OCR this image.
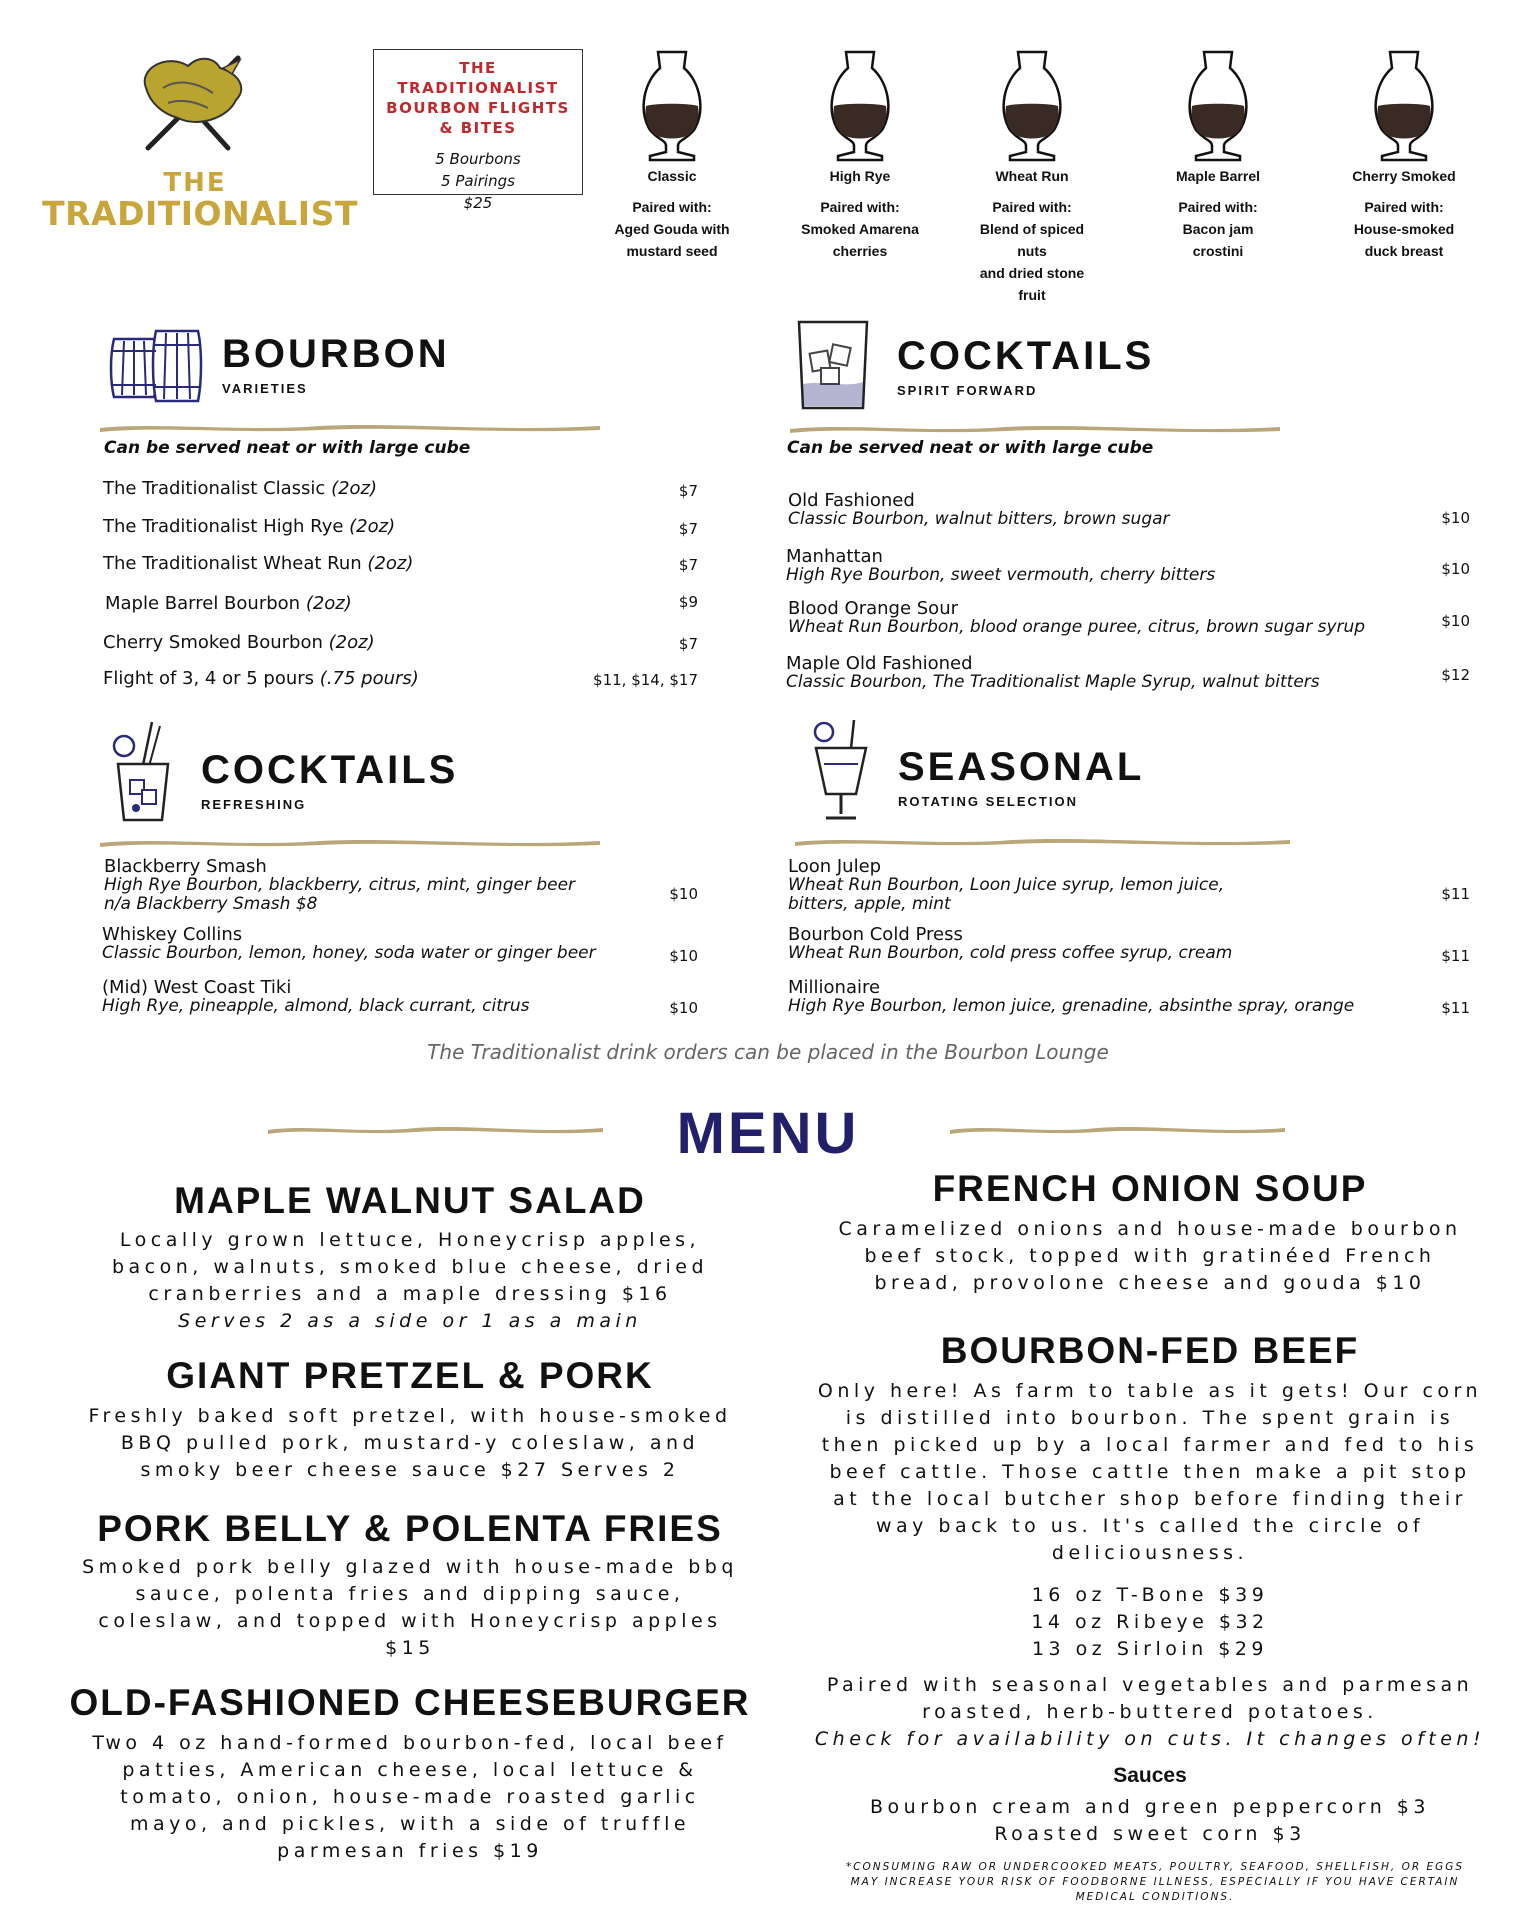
THE
TRADITIONALIST
THE TRADITIONALIST BOURBON FLIGHTS & BITES
5 Bourbons
5 Pairings
$25
Classic
Paired with:
Aged Gouda with
mustard seed
High Rye
Paired with:
Smoked Amarena
cherries
Wheat Run
Paired with:
Blend of spiced nuts
and dried stone fruit
Maple Barrel
Paired with:
Bacon jam crostini
Cherry Smoked
Paired with:
House-smoked
duck breast
BOURBON
VARIETIES
Can be served neat or with large cube
The Traditionalist Classic (2oz)	$7
The Traditionalist High Rye (2oz)	$7
The Traditionalist Wheat Run (2oz)	$7
Maple Barrel Bourbon (2oz)	$9
Cherry Smoked Bourbon (2oz)	$7
Flight of 3, 4 or 5 pours (.75 pours)	$11, $14, $17
COCKTAILS
SPIRIT FORWARD
Can be served neat or with large cube
Old Fashioned
Classic Bourbon, walnut bitters, brown sugar	$10
Manhattan
High Rye Bourbon, sweet vermouth, cherry bitters	$10
Blood Orange Sour
Wheat Run Bourbon, blood orange puree, citrus, brown sugar syrup	$10
Maple Old Fashioned
Classic Bourbon, The Traditionalist Maple Syrup, walnut bitters	$12
COCKTAILS
REFRESHING
Blackberry Smash
High Rye Bourbon, blackberry, citrus, mint, ginger beer
n/a Blackberry Smash $8	$10
Whiskey Collins
Classic Bourbon, lemon, honey, soda water or ginger beer	$10
(Mid) West Coast Tiki
High Rye, pineapple, almond, black currant, citrus	$10
SEASONAL
ROTATING SELECTION
Loon Julep
Wheat Run Bourbon, Loon Juice syrup, lemon juice,
bitters, apple, mint	$11
Bourbon Cold Press
Wheat Run Bourbon, cold press coffee syrup, cream	$11
Millionaire
High Rye Bourbon, lemon juice, grenadine, absinthe spray, orange	$11
The Traditionalist drink orders can be placed in the Bourbon Lounge
MENU
MAPLE WALNUT SALAD
Locally grown lettuce, Honeycrisp apples,
bacon, walnuts, smoked blue cheese, dried
cranberries and a maple dressing $16
Serves 2 as a side or 1 as a main
GIANT PRETZEL & PORK
Freshly baked soft pretzel, with house-smoked
BBQ pulled pork, mustard-y coleslaw, and
smoky beer cheese sauce $27 Serves 2
PORK BELLY & POLENTA FRIES
Smoked pork belly glazed with house-made bbq
sauce, polenta fries and dipping sauce,
coleslaw, and topped with Honeycrisp apples
$15
OLD-FASHIONED CHEESEBURGER
Two 4 oz hand-formed bourbon-fed, local beef
patties, American cheese, local lettuce &
tomato, onion, house-made roasted garlic
mayo, and pickles, with a side of truffle
parmesan fries $19
FRENCH ONION SOUP
Caramelized onions and house-made bourbon
beef stock, topped with gratinéed French
bread, provolone cheese and gouda $10
BOURBON-FED BEEF
Only here! As farm to table as it gets! Our corn
is distilled into bourbon. The spent grain is
then picked up by a local farmer and fed to his
beef cattle. Those cattle then make a pit stop
at the local butcher shop before finding their
way back to us. It's called the circle of
deliciousness.
16 oz T-Bone $39
14 oz Ribeye $32
13 oz Sirloin $29
Paired with seasonal vegetables and parmesan
roasted, herb-buttered potatoes.
Check for availability on cuts. It changes often!
Sauces
Bourbon cream and green peppercorn $3
Roasted sweet corn $3
*CONSUMING RAW OR UNDERCOOKED MEATS, POULTRY, SEAFOOD, SHELLFISH, OR EGGS MAY INCREASE YOUR RISK OF FOODBORNE ILLNESS, ESPECIALLY IF YOU HAVE CERTAIN MEDICAL CONDITIONS.
